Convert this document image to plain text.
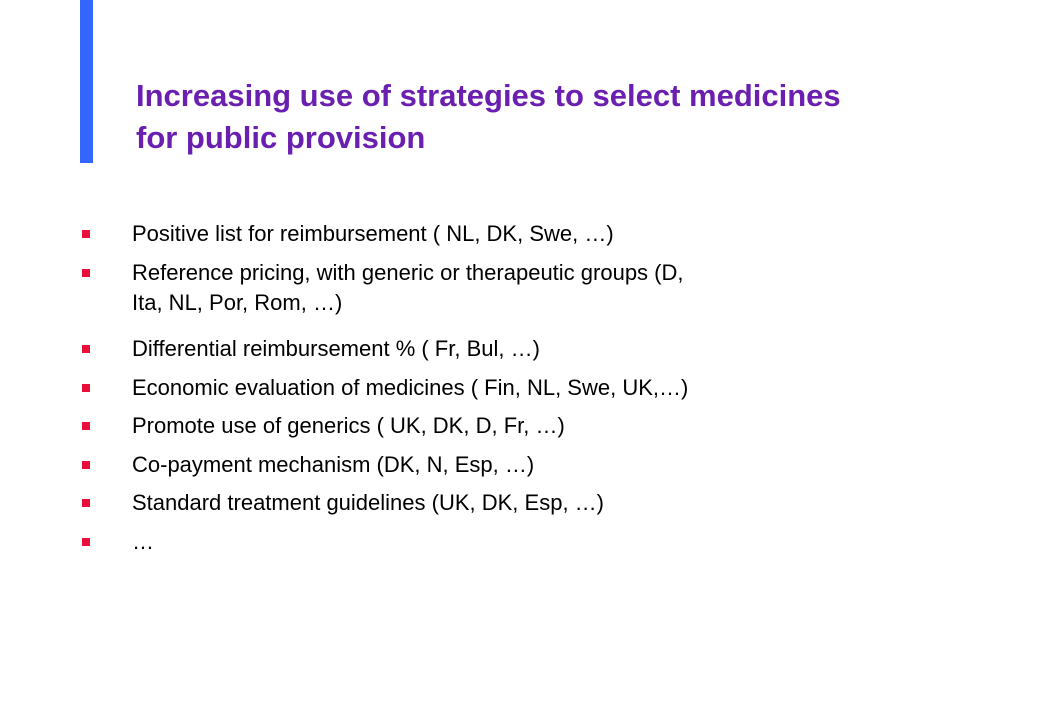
Increasing use of strategies to select medicines
for public provision
Positive list for reimbursement ( NL, DK, Swe, …)
Reference pricing, with generic or therapeutic groups (D,
Ita, NL, Por, Rom, …)
Differential reimbursement % ( Fr, Bul, …)
Economic evaluation of medicines ( Fin, NL, Swe, UK,…)
Promote use of generics ( UK, DK, D, Fr, …)
Co-payment mechanism (DK, N, Esp, …)
Standard treatment guidelines (UK, DK, Esp, …)
…
